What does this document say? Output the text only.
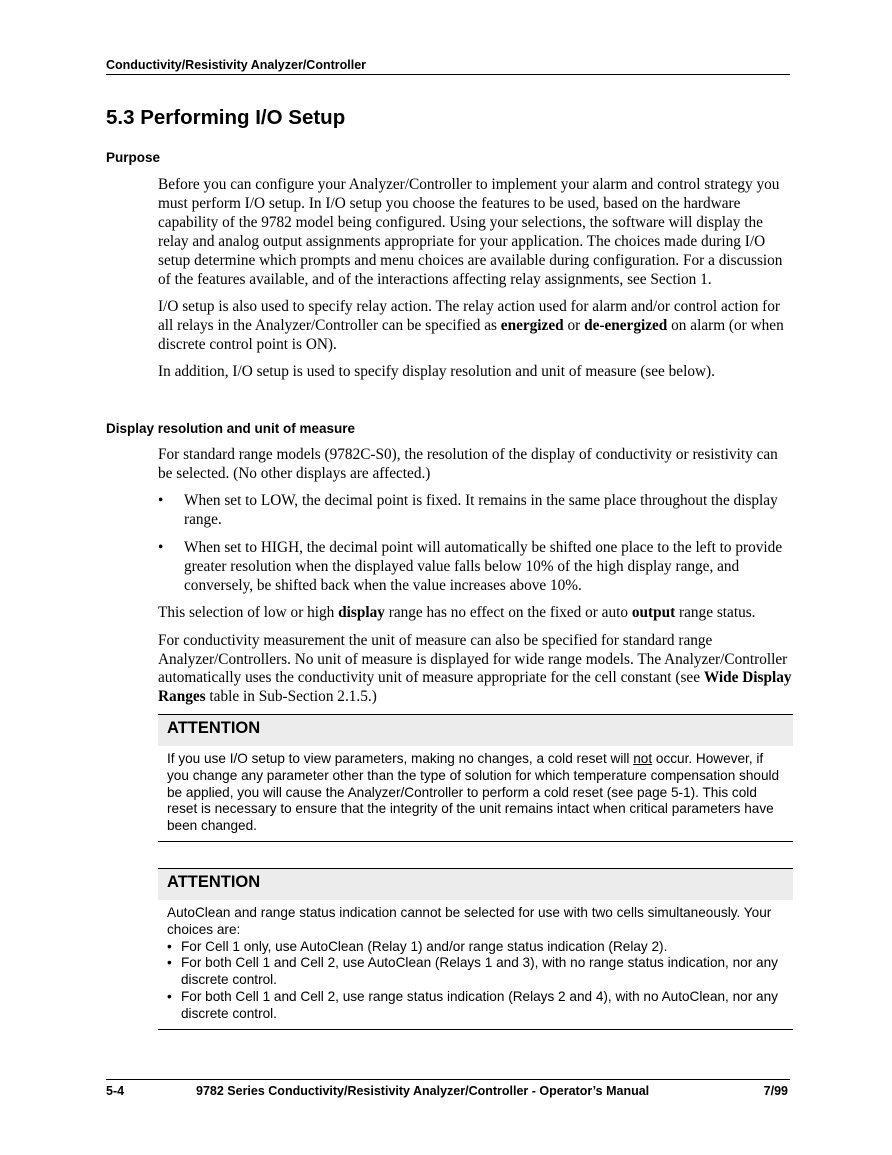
Conductivity/Resistivity Analyzer/Controller
5.3 Performing I/O Setup
Purpose

Before you can configure your Analyzer/Controller to implement your alarm and control strategy you must perform I/O setup. In I/O setup you choose the features to be used, based on the hardware capability of the 9782 model being configured. Using your selections, the software will display the relay and analog output assignments appropriate for your application. The choices made during I/O setup determine which prompts and menu choices are available during configuration. For a discussion of the features available, and of the interactions affecting relay assignments, see Section 1.

I/O setup is also used to specify relay action. The relay action used for alarm and/or control action for all relays in the Analyzer/Controller can be specified as energized or de-energized on alarm (or when discrete control point is ON).

In addition, I/O setup is used to specify display resolution and unit of measure (see below).

Display resolution and unit of measure

For standard range models (9782C-S0), the resolution of the display of conductivity or resistivity can be selected. (No other displays are affected.)

• When set to LOW, the decimal point is fixed. It remains in the same place throughout the display range.
• When set to HIGH, the decimal point will automatically be shifted one place to the left to provide greater resolution when the displayed value falls below 10% of the high display range, and conversely, be shifted back when the value increases above 10%.

This selection of low or high display range has no effect on the fixed or auto output range status.

For conductivity measurement the unit of measure can also be specified for standard range Analyzer/Controllers. No unit of measure is displayed for wide range models. The Analyzer/Controller automatically uses the conductivity unit of measure appropriate for the cell constant (see Wide Display Ranges table in Sub-Section 2.1.5.)

ATTENTION
If you use I/O setup to view parameters, making no changes, a cold reset will not occur. However, if you change any parameter other than the type of solution for which temperature compensation should be applied, you will cause the Analyzer/Controller to perform a cold reset (see page 5-1). This cold reset is necessary to ensure that the integrity of the unit remains intact when critical parameters have been changed.
ATTENTION
AutoClean and range status indication cannot be selected for use with two cells simultaneously. Your choices are:
• For Cell 1 only, use AutoClean (Relay 1) and/or range status indication (Relay 2).
• For both Cell 1 and Cell 2, use AutoClean (Relays 1 and 3), with no range status indication, nor any discrete control.
• For both Cell 1 and Cell 2, use range status indication (Relays 2 and 4), with no AutoClean, nor any discrete control.
5-4	9782 Series Conductivity/Resistivity Analyzer/Controller - Operator’s Manual	7/99
